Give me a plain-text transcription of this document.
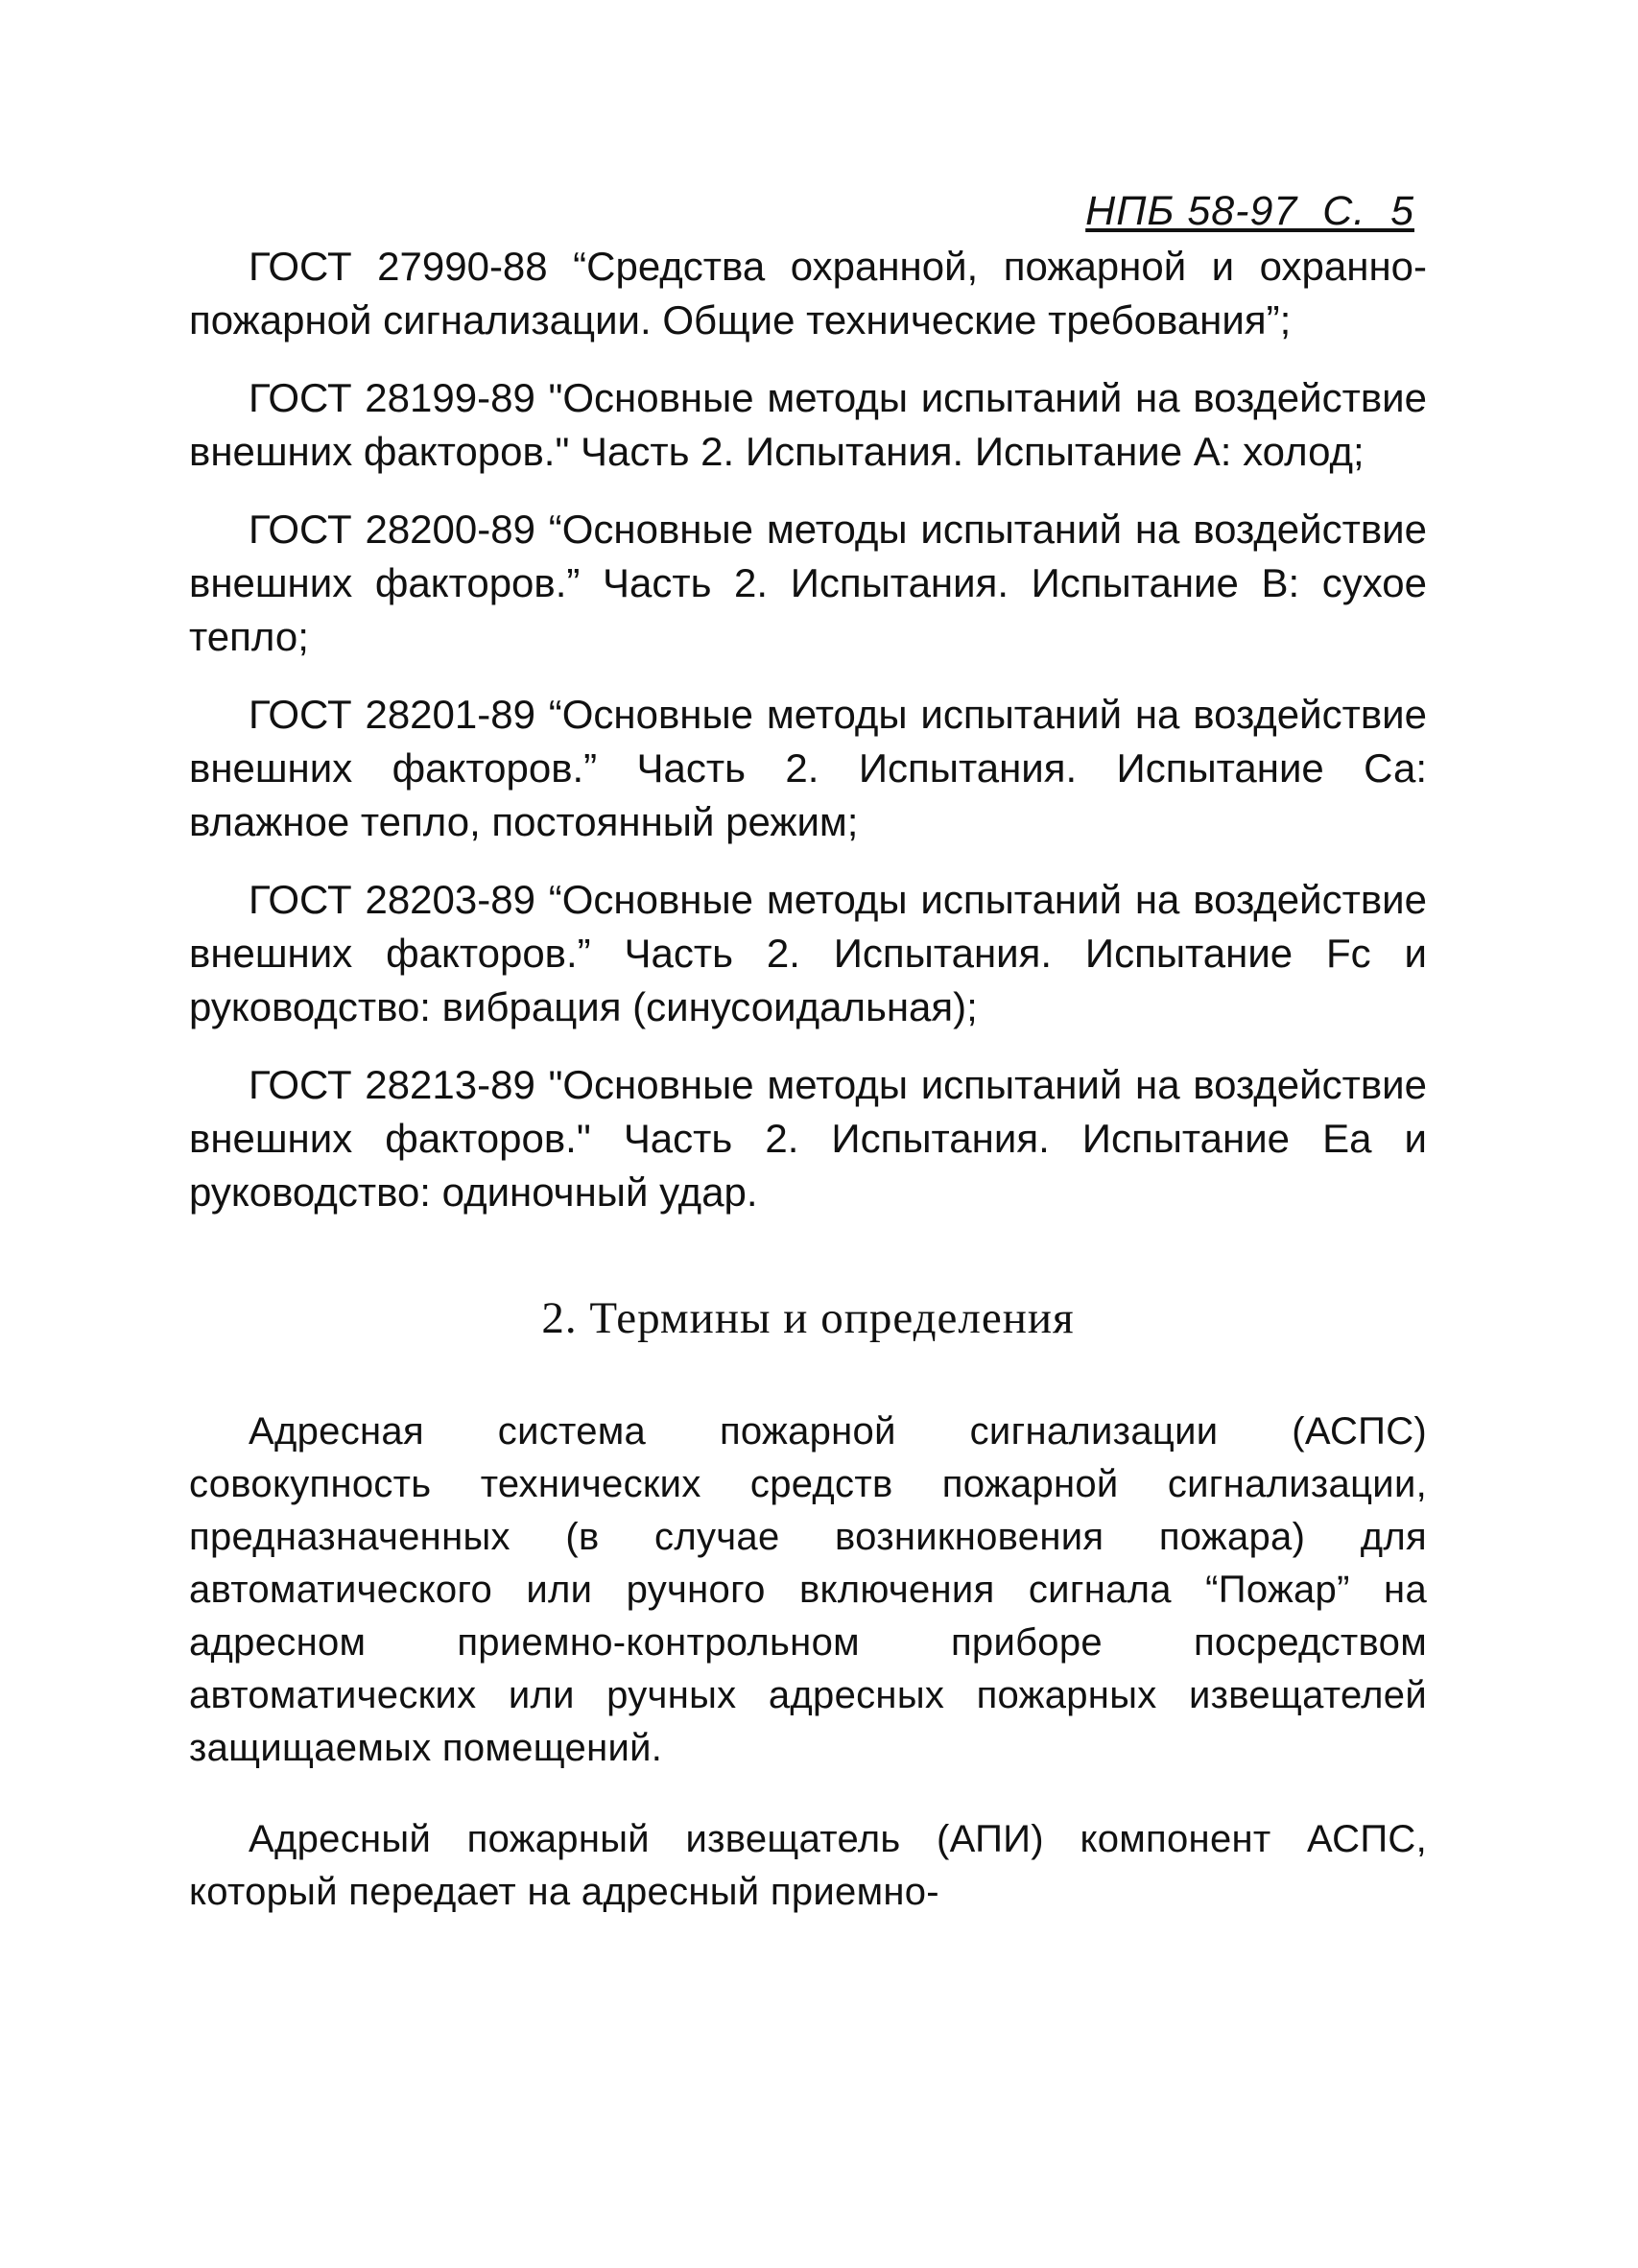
НПБ 58-97  С.  5

ГОСТ 27990-88 “Средства охранной, пожарной и охранно-пожарной сигнализации. Общие технические требования”;

ГОСТ 28199-89 "Основные методы испытаний на воздействие внешних факторов." Часть 2. Испытания. Испытание А: холод;

ГОСТ 28200-89 “Основные методы испытаний на воздействие внешних факторов.” Часть 2. Испытания. Испытание В: сухое тепло;

ГОСТ 28201-89 “Основные методы испытаний на воздействие внешних факторов.” Часть 2. Испытания. Испытание Са: влажное тепло, постоянный режим;

ГОСТ 28203-89 “Основные методы испытаний на воздействие внешних факторов.” Часть 2. Испытания. Испытание Fc и руководство: вибрация (синусоидальная);

ГОСТ 28213-89 "Основные методы испытаний на воздействие внешних факторов." Часть 2. Испытания. Испытание Еа и руководство: одиночный удар.

2. Термины и определения

Адресная система пожарной сигнализации (АСПС) совокупность технических средств пожарной сигнализации, предназначенных (в случае возникновения пожара) для автоматического или ручного включения сигнала “Пожар” на адресном приемно-контрольном приборе посредством автоматических или ручных адресных пожарных извещателей защищаемых помещений.

Адресный пожарный извещатель (АПИ) компонент АСПС, который передает на адресный приемно-
